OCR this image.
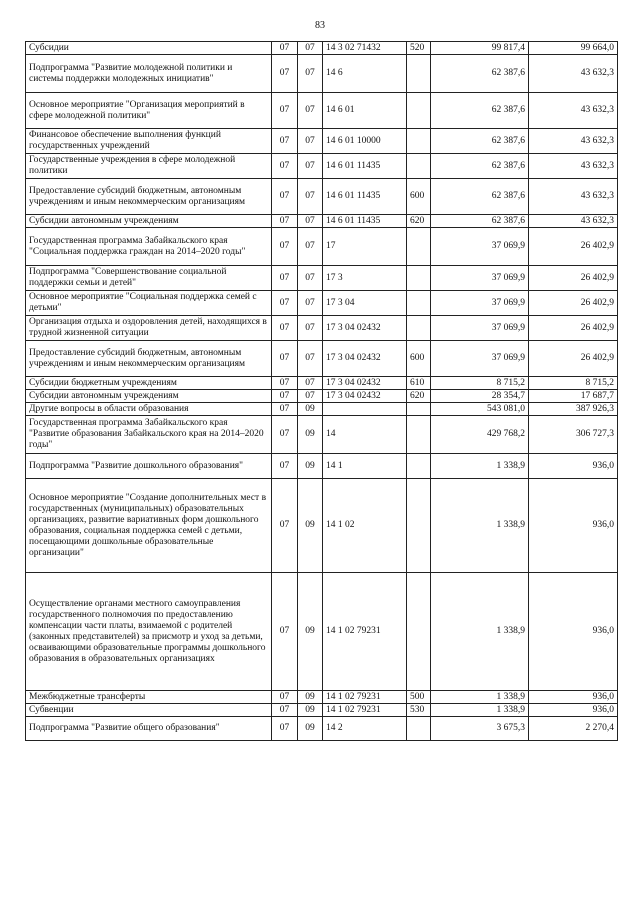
83
Субсидии	07	07	14 3 02 71432	520	99 817,4	99 664,0
Подпрограмма "Развитие молодежной политики и системы поддержки молодежных инициатив"	07	07	14 6		62 387,6	43 632,3
Основное мероприятие "Организация мероприятий в сфере молодежной политики"	07	07	14 6 01		62 387,6	43 632,3
Финансовое обеспечение выполнения функций государственных учреждений	07	07	14 6 01 10000		62 387,6	43 632,3
Государственные учреждения в сфере молодежной политики	07	07	14 6 01 11435		62 387,6	43 632,3
Предоставление субсидий бюджетным, автономным учреждениям и иным некоммерческим организациям	07	07	14 6 01 11435	600	62 387,6	43 632,3
Субсидии автономным учреждениям	07	07	14 6 01 11435	620	62 387,6	43 632,3
Государственная программа Забайкальского края "Социальная поддержка граждан на 2014–2020 годы"	07	07	17		37 069,9	26 402,9
Подпрограмма "Совершенствование социальной поддержки семьи и детей"	07	07	17 3		37 069,9	26 402,9
Основное мероприятие "Социальная поддержка семей с детьми"	07	07	17 3 04		37 069,9	26 402,9
Организация отдыха и оздоровления детей, находящихся в трудной жизненной ситуации	07	07	17 3 04 02432		37 069,9	26 402,9
Предоставление субсидий бюджетным, автономным учреждениям и иным некоммерческим организациям	07	07	17 3 04 02432	600	37 069,9	26 402,9
Субсидии бюджетным учреждениям	07	07	17 3 04 02432	610	8 715,2	8 715,2
Субсидии автономным учреждениям	07	07	17 3 04 02432	620	28 354,7	17 687,7
Другие вопросы в области образования	07	09			543 081,0	387 926,3
Государственная программа Забайкальского края "Развитие образования Забайкальского края на 2014–2020 годы"	07	09	14		429 768,2	306 727,3
Подпрограмма "Развитие дошкольного образования"	07	09	14 1		1 338,9	936,0
Основное мероприятие "Создание дополнительных мест в государственных (муниципальных) образовательных организациях, развитие вариативных форм дошкольного образования, социальная поддержка семей с детьми, посещающими дошкольные образовательные организации"	07	09	14 1 02		1 338,9	936,0
Осуществление органами местного самоуправления государственного полномочия по предоставлению компенсации части платы, взимаемой с родителей (законных представителей) за присмотр и уход за детьми, осваивающими образовательные программы дошкольного образования в образовательных организациях	07	09	14 1 02 79231		1 338,9	936,0
Межбюджетные трансферты	07	09	14 1 02 79231	500	1 338,9	936,0
Субвенции	07	09	14 1 02 79231	530	1 338,9	936,0
Подпрограмма "Развитие общего образования"	07	09	14 2		3 675,3	2 270,4
